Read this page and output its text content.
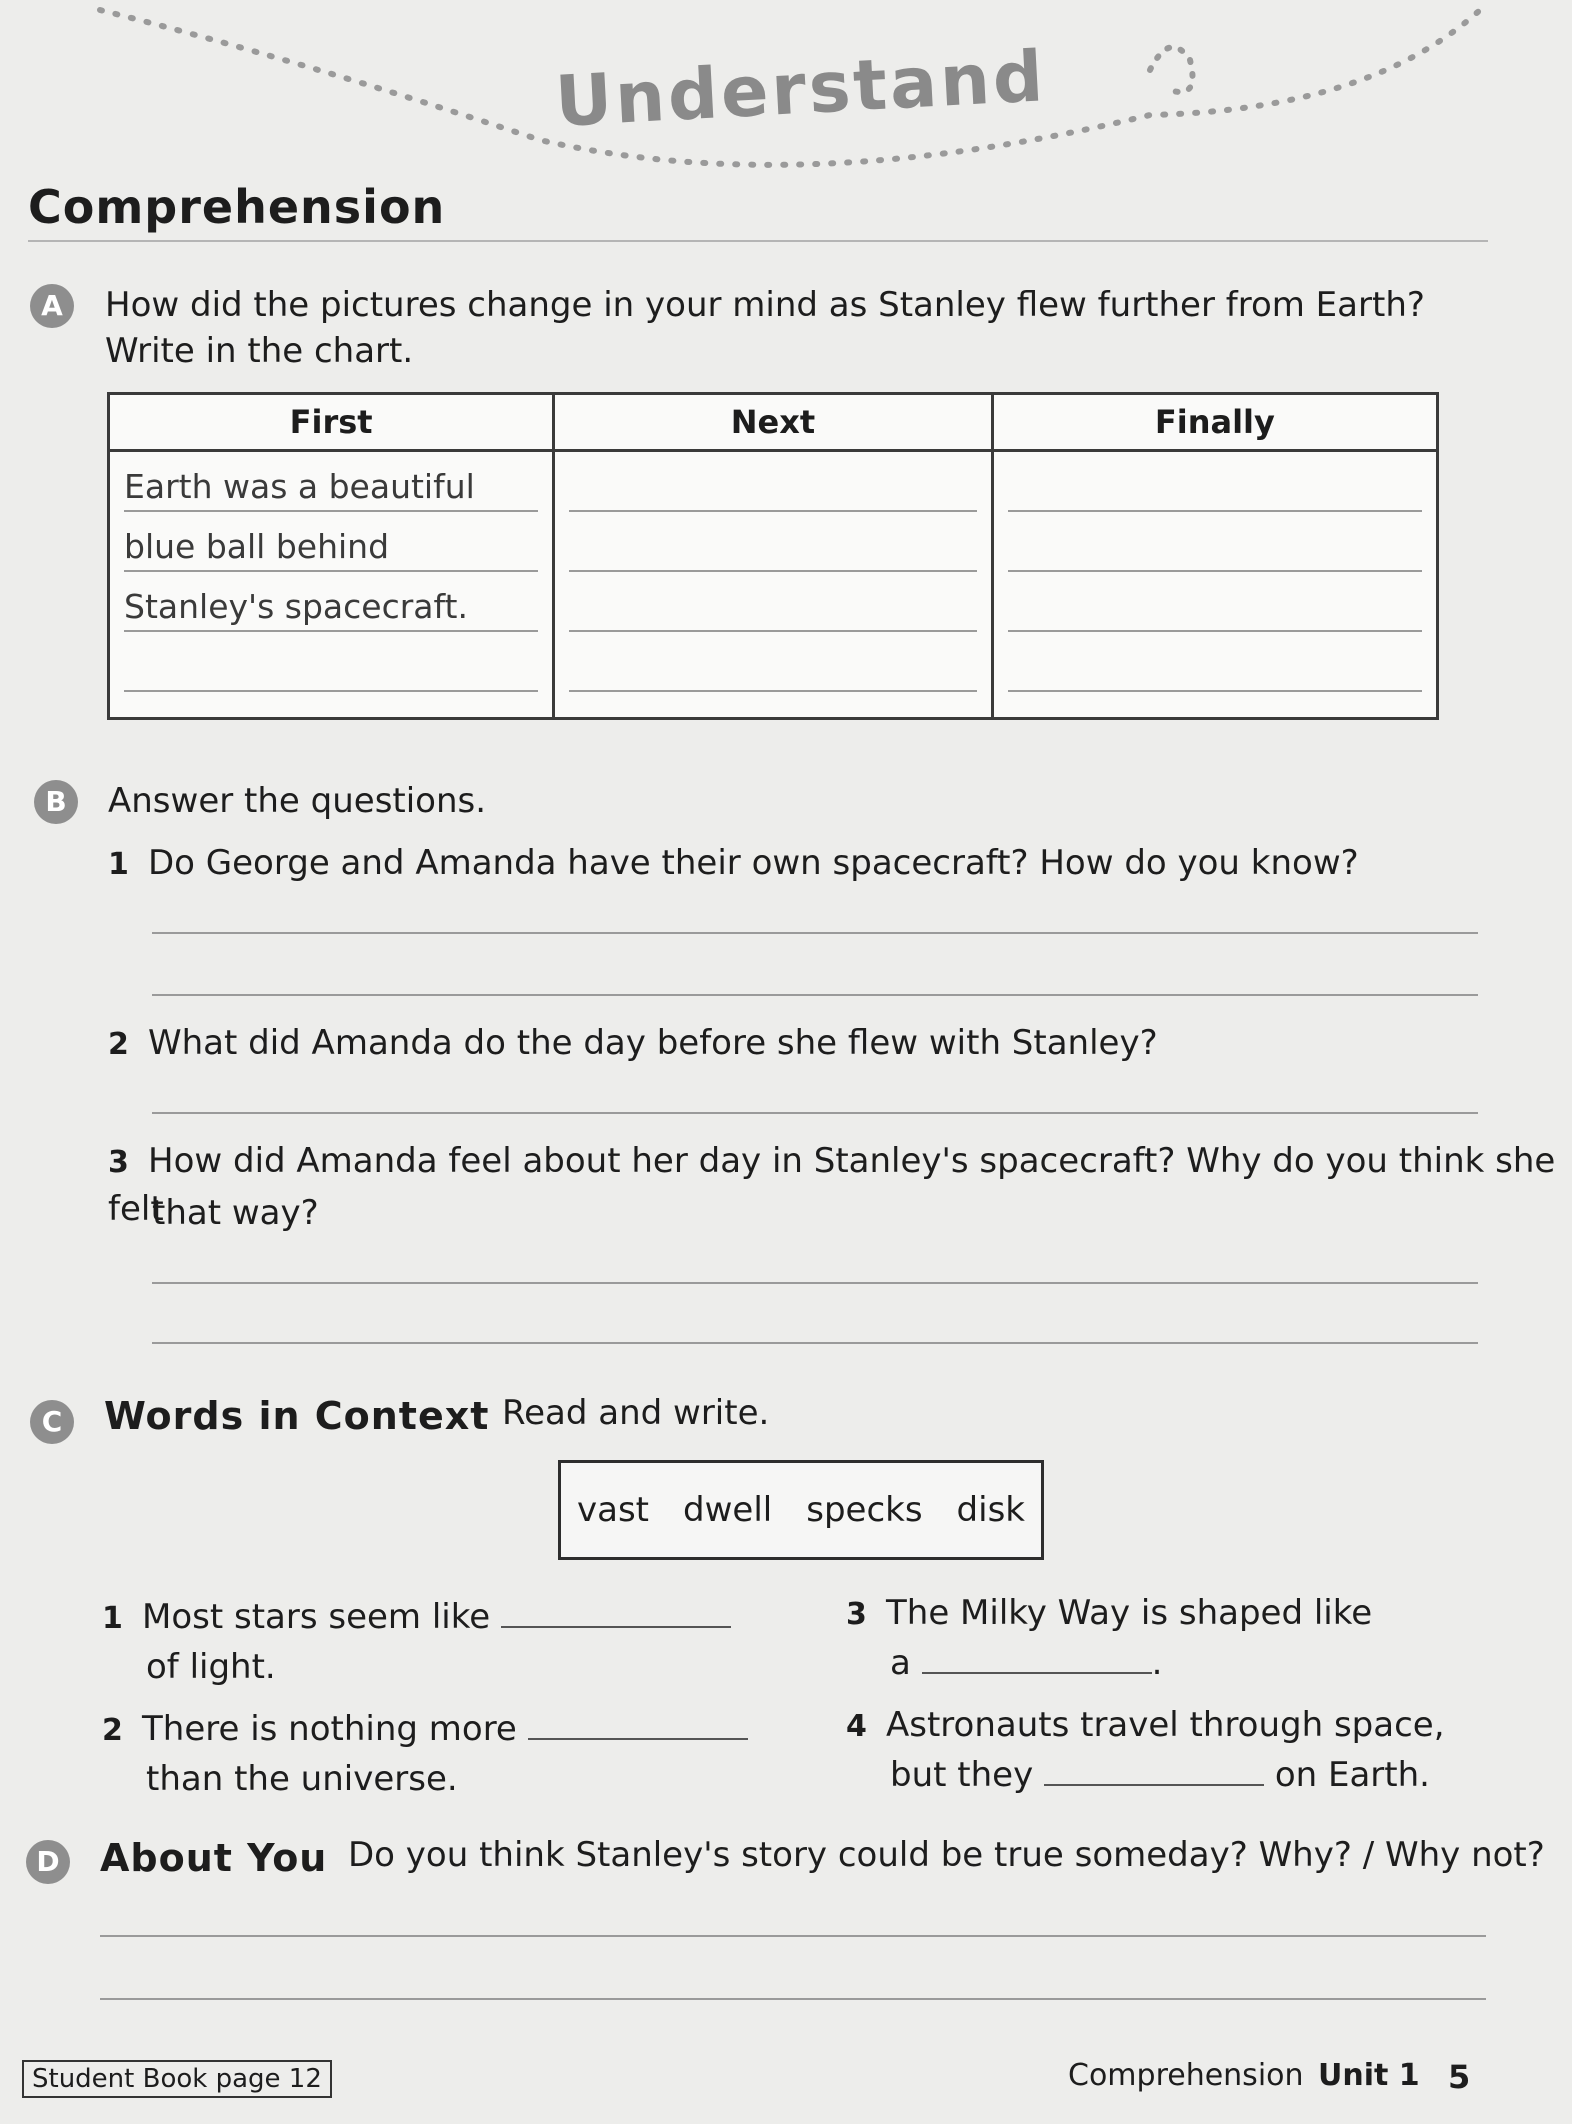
Understand
Comprehension
A	How did the pictures change in your mind as Stanley flew further from Earth?
Write in the chart.
First	Next	Finally

Earth was a beautiful
blue ball behind
Stanley's spacecraft.		

B	Answer the questions.
1 Do George and Amanda have their own spacecraft? How do you know?
2 What did Amanda do the day before she flew with Stanley?
3 How did Amanda feel about her day in Stanley's spacecraft? Why do you think she felt
that way?
C	Words in Context Read and write.
vast dwell specks disk
1 Most stars seem like
of light.
2 There is nothing more
than the universe.
3 The Milky Way is shaped like
a	.
4 Astronauts travel through space,
but they	on Earth.
D About You Do you think Stanley's story could be true someday? Why? / Why not?
Student Book page 12	Comprehension Unit 1 5
